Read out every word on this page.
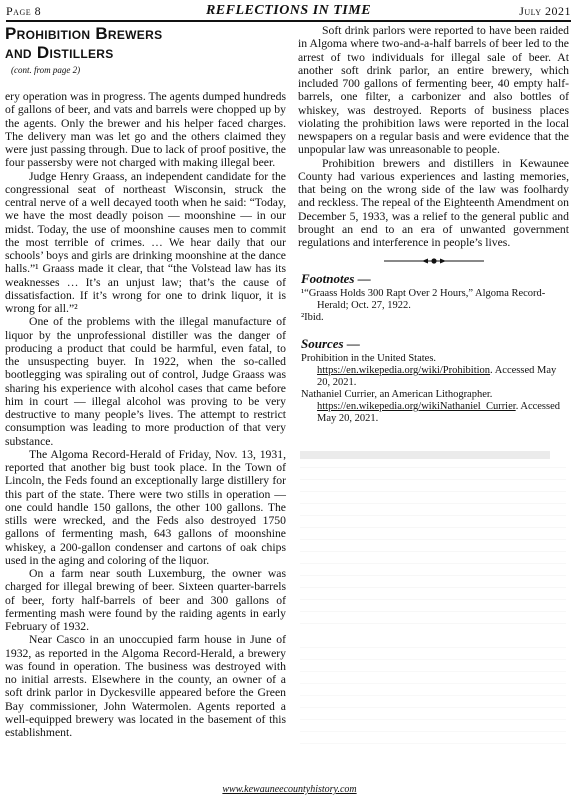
Page 8	REFLECTIONS IN TIME	July 2021
Prohibition Brewers
and Distillers
(cont. from page 2)

ery operation was in progress. The agents dumped hundreds of gallons of beer, and vats and barrels were chopped up by the agents. Only the brewer and his helper faced charges. The delivery man was let go and the others claimed they were just passing through. Due to lack of proof positive, the four passersby were not charged with making illegal beer.

Judge Henry Graass, an independent candidate for the congressional seat of northeast Wisconsin, struck the central nerve of a well decayed tooth when he said: “Today, we have the most deadly poison — moonshine — in our midst. Today, the use of moonshine causes men to commit the most terrible of crimes. … We hear daily that our schools’ boys and girls are drinking moonshine at the dance halls.”¹ Graass made it clear, that “the Volstead law has its weaknesses … It’s an unjust law; that’s the cause of dissatisfaction. If it’s wrong for one to drink liquor, it is wrong for all.”²

One of the problems with the illegal manufacture of liquor by the unprofessional distiller was the danger of producing a product that could be harmful, even fatal, to the unsuspecting buyer. In 1922, when the so-called bootlegging was spiraling out of control, Judge Graass was sharing his experience with alcohol cases that came before him in court — illegal alcohol was proving to be very destructive to many people’s lives. The attempt to restrict consumption was leading to more production of that very substance.

The Algoma Record-Herald of Friday, Nov. 13, 1931, reported that another big bust took place. In the Town of Lincoln, the Feds found an exceptionally large distillery for this part of the state. There were two stills in operation — one could handle 150 gallons, the other 100 gallons. The stills were wrecked, and the Feds also destroyed 1750 gallons of fermenting mash, 643 gallons of moonshine whiskey, a 200-gallon condenser and cartons of oak chips used in the aging and coloring of the liquor.

On a farm near south Luxemburg, the owner was charged for illegal brewing of beer. Sixteen quarter-barrels of beer, forty half-barrels of beer and 300 gallons of fermenting mash were found by the raiding agents in early February of 1932.

Near Casco in an unoccupied farm house in June of 1932, as reported in the Algoma Record-Herald, a brewery was found in operation. The business was destroyed with no initial arrests. Elsewhere in the county, an owner of a soft drink parlor in Dyckesville appeared before the Green Bay commissioner, John Watermolen. Agents reported a well-equipped brewery was located in the basement of this establishment.

Soft drink parlors were reported to have been raided in Algoma where two-and-a-half barrels of beer led to the arrest of two individuals for illegal sale of beer. At another soft drink parlor, an entire brewery, which included 700 gallons of fermenting beer, 40 empty half-barrels, one filter, a carbonizer and also bottles of whiskey, was destroyed. Reports of business places violating the prohibition laws were reported in the local newspapers on a regular basis and were evidence that the unpopular law was unreasonable to people.

Prohibition brewers and distillers in Kewaunee County had various experiences and lasting memories, that being on the wrong side of the law was foolhardy and reckless. The repeal of the Eighteenth Amendment on December 5, 1933, was a relief to the general public and brought an end to an era of unwanted government regulations and interference in people’s lives.

Footnotes —
¹“Graass Holds 300 Rapt Over 2 Hours,” Algoma Record-Herald; Oct. 27, 1922.
²Ibid.
Sources —
Prohibition in the United States. https://en.wikepedia.org/wiki/Prohibition. Accessed May 20, 2021.
Nathaniel Currier, an American Lithographer. https://en.wikepedia.org/wikiNathaniel_Currier. Accessed May 20, 2021.
www.kewauneecountyhistory.com
